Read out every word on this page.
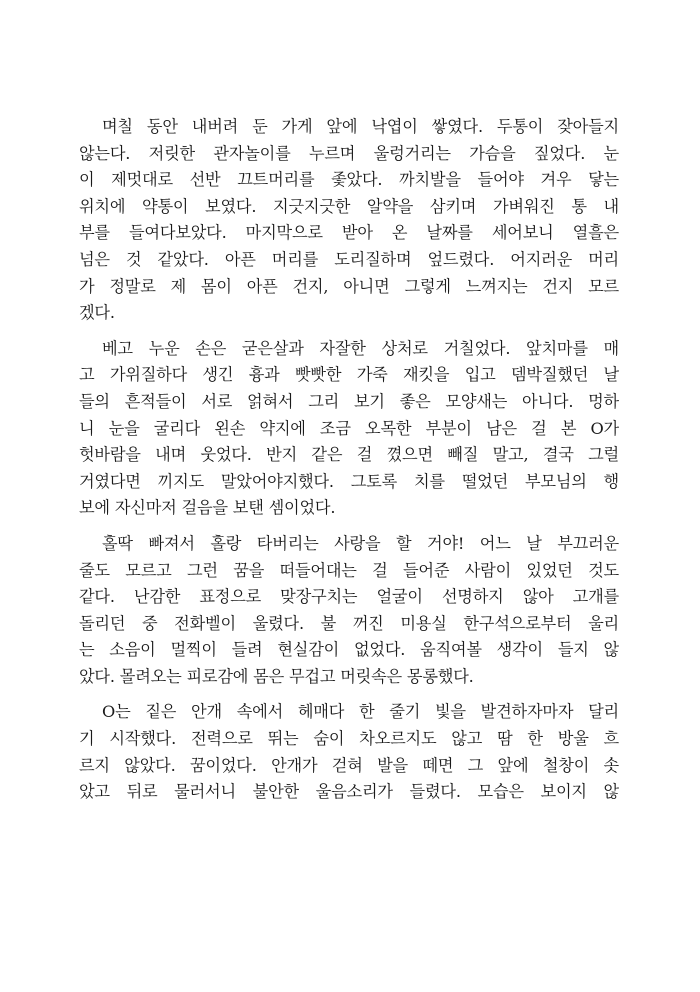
며칠 동안 내버려 둔 가게 앞에 낙엽이 쌓였다. 두통이 잦아들지
않는다. 저릿한 관자놀이를 누르며 울렁거리는 가슴을 짚었다. 눈
이 제멋대로 선반 끄트머리를 좇았다. 까치발을 들어야 겨우 닿는
위치에 약통이 보였다. 지긋지긋한 알약을 삼키며 가벼워진 통 내
부를 들여다보았다. 마지막으로 받아 온 날짜를 세어보니 열흘은
넘은 것 같았다. 아픈 머리를 도리질하며 엎드렸다. 어지러운 머리
가 정말로 제 몸이 아픈 건지, 아니면 그렇게 느껴지는 건지 모르
겠다.
베고 누운 손은 굳은살과 자잘한 상처로 거칠었다. 앞치마를 매
고 가위질하다 생긴 흉과 빳빳한 가죽 재킷을 입고 뎀박질했던 날
들의 흔적들이 서로 얽혀서 그리 보기 좋은 모양새는 아니다. 멍하
니 눈을 굴리다 왼손 약지에 조금 오목한 부분이 남은 걸 본 O가
헛바람을 내며 웃었다. 반지 같은 걸 꼈으면 빼질 말고, 결국 그럴
거였다면 끼지도 말았어야지했다. 그토록 치를 떨었던 부모님의 행
보에 자신마저 걸음을 보탠 셈이었다.
홀딱 빠져서 홀랑 타버리는 사랑을 할 거야! 어느 날 부끄러운
줄도 모르고 그런 꿈을 떠들어대는 걸 들어준 사람이 있었던 것도
같다. 난감한 표정으로 맞장구치는 얼굴이 선명하지 않아 고개를
돌리던 중 전화벨이 울렸다. 불 꺼진 미용실 한구석으로부터 울리
는 소음이 멀찍이 들려 현실감이 없었다. 움직여볼 생각이 들지 않
았다. 몰려오는 피로감에 몸은 무겁고 머릿속은 몽롱했다.
O는 짙은 안개 속에서 헤매다 한 줄기 빛을 발견하자마자 달리
기 시작했다. 전력으로 뛰는 숨이 차오르지도 않고 땀 한 방울 흐
르지 않았다. 꿈이었다. 안개가 걷혀 발을 떼면 그 앞에 철창이 솟
았고 뒤로 물러서니 불안한 울음소리가 들렸다. 모습은 보이지 않
